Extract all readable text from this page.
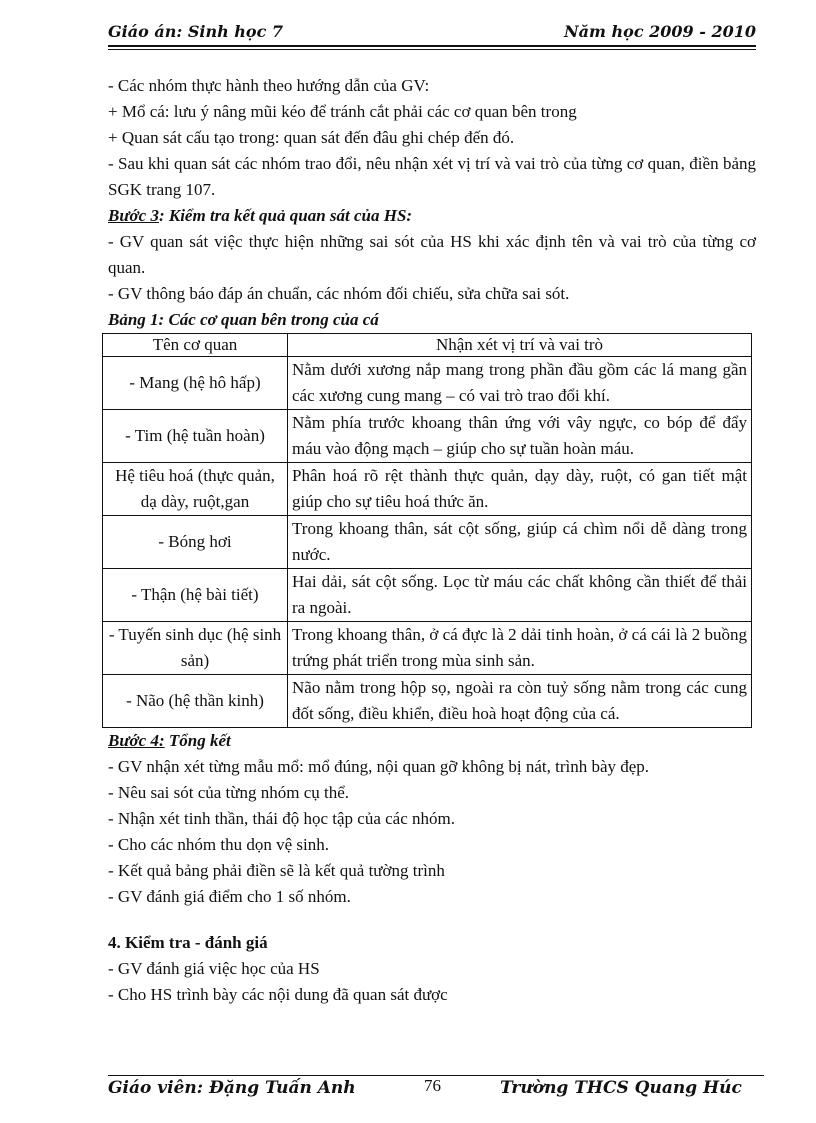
Giáo án: Sinh học 7	Năm học 2009 - 2010

- Các nhóm thực hành theo hướng dẫn của GV:

+ Mổ cá: lưu ý nâng mũi kéo để tránh cắt phải các cơ quan bên trong

+ Quan sát cấu tạo trong: quan sát đến đâu ghi chép đến đó.

- Sau khi quan sát các nhóm trao đổi, nêu nhận xét vị trí và vai trò của từng cơ quan, điền bảng SGK trang 107.

Bước 3: Kiểm tra kết quả quan sát của HS:

- GV quan sát việc thực hiện những sai sót của HS khi xác định tên và vai trò của từng cơ quan.

- GV thông báo đáp án chuẩn, các nhóm đối chiếu, sửa chữa sai sót.

Bảng 1: Các cơ quan bên trong của cá

Tên cơ quan	Nhận xét vị trí và vai trò
- Mang (hệ hô hấp)	Nằm dưới xương nắp mang trong phần đầu gồm các lá mang gần các xương cung mang – có vai trò trao đổi khí.
- Tim (hệ tuần hoàn)	Nằm phía trước khoang thân ứng với vây ngực, co bóp để đẩy máu vào động mạch – giúp cho sự tuần hoàn máu.
Hệ tiêu hoá (thực quản, dạ dày, ruột,gan	Phân hoá rõ rệt thành thực quản, dạy dày, ruột, có gan tiết mật giúp cho sự tiêu hoá thức ăn.
- Bóng hơi	Trong khoang thân, sát cột sống, giúp cá chìm nổi dễ dàng trong nước.
- Thận (hệ bài tiết)	Hai dải, sát cột sống. Lọc từ máu các chất không cần thiết để thải ra ngoài.
- Tuyến sinh dục (hệ sinh sản)	Trong khoang thân, ở cá đực là 2 dải tinh hoàn, ở cá cái là 2 buồng trứng phát triển trong mùa sinh sản.
- Não (hệ thần kinh)	Não nằm trong hộp sọ, ngoài ra còn tuỷ sống nằm trong các cung đốt sống, điều khiển, điều hoà hoạt động của cá.

Bước 4: Tổng kết

- GV nhận xét từng mẫu mổ: mổ đúng, nội quan gỡ không bị nát, trình bày đẹp.

- Nêu sai sót của từng nhóm cụ thể.

- Nhận xét tinh thần, thái độ học tập của các nhóm.

- Cho các nhóm thu dọn vệ sinh.

- Kết quả bảng phải điền sẽ là kết quả tường trình

- GV đánh giá điểm cho 1 số nhóm.

4. Kiểm tra - đánh giá

- GV đánh giá việc học của HS

- Cho HS trình bày các nội dung đã quan sát được

Giáo viên: Đặng Tuấn Anh	76	Trường THCS Quang Húc
